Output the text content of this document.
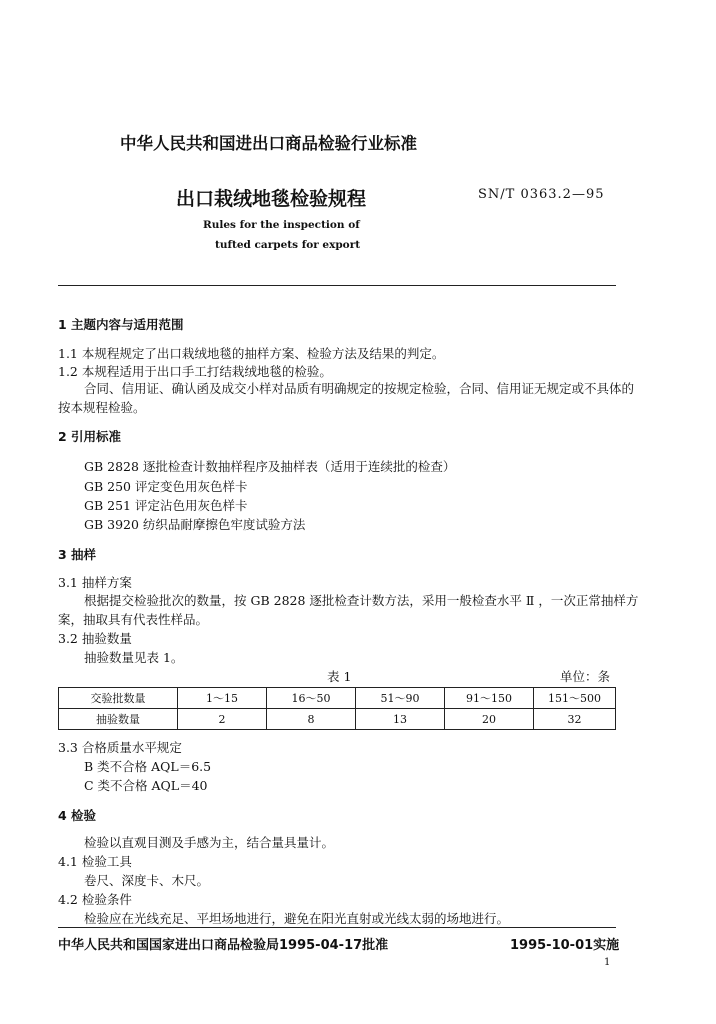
中华人民共和国进出口商品检验行业标准
出口栽绒地毯检验规程	SN/T 0363.2—95
Rules for the inspection of
tufted carpets for export
1 主题内容与适用范围
1.1 本规程规定了出口栽绒地毯的抽样方案、检验方法及结果的判定。
1.2 本规程适用于出口手工打结栽绒地毯的检验。
合同、信用证、确认函及成交小样对品质有明确规定的按规定检验，合同、信用证无规定或不具体的
按本规程检验。
2 引用标准
GB 2828 逐批检查计数抽样程序及抽样表（适用于连续批的检查）
GB 250 评定变色用灰色样卡
GB 251 评定沾色用灰色样卡
GB 3920 纺织品耐摩擦色牢度试验方法
3 抽样
3.1 抽样方案
根据提交检验批次的数量，按 GB 2828 逐批检查计数方法，采用一般检查水平 Ⅱ ，一次正常抽样方
案，抽取具有代表性样品。
3.2 抽验数量
抽验数量见表 1。
表 1	单位：条
交验批数量	1～15	16～50	51～90	91～150	151～500
抽验数量	2	8	13	20	32
3.3 合格质量水平规定
B 类不合格 AQL＝6.5
C 类不合格 AQL＝40
4 检验
检验以直观目测及手感为主，结合量具量计。
4.1 检验工具
卷尺、深度卡、木尺。
4.2 检验条件
检验应在光线充足、平坦场地进行，避免在阳光直射或光线太弱的场地进行。
中华人民共和国国家进出口商品检验局1995-04-17批准	1995-10-01实施
1
